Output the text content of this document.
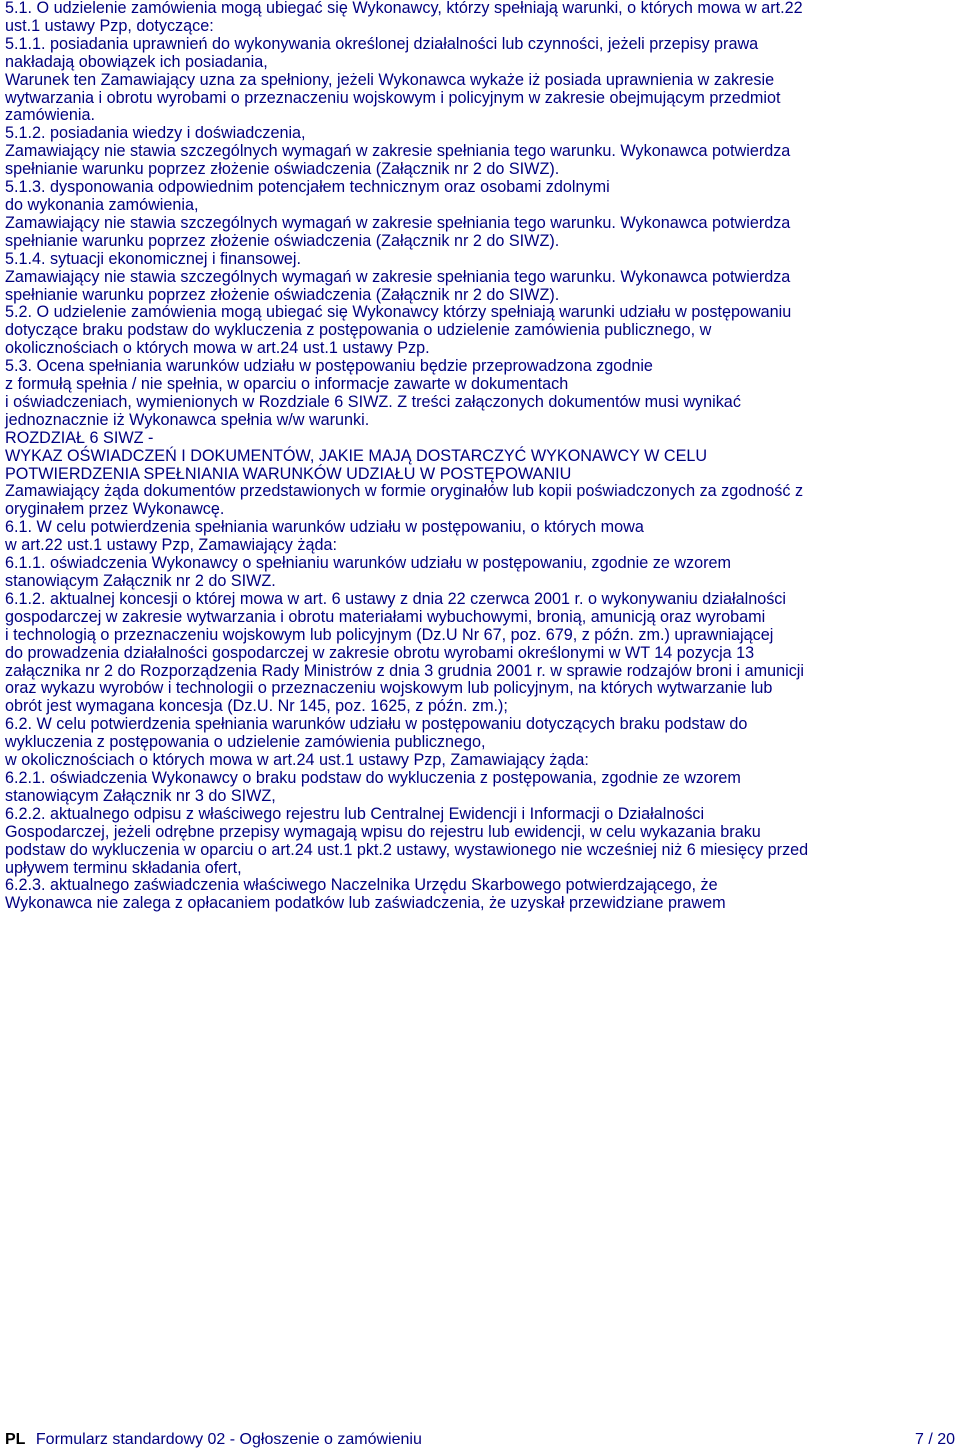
5.1. O udzielenie zamówienia mogą ubiegać się Wykonawcy, którzy spełniają warunki, o których mowa w art.22

ust.1 ustawy Pzp, dotyczące:

5.1.1. posiadania uprawnień do wykonywania określonej działalności lub czynności, jeżeli przepisy prawa

nakładają obowiązek ich posiadania,

Warunek ten Zamawiający uzna za spełniony, jeżeli Wykonawca wykaże iż posiada uprawnienia w zakresie

wytwarzania i obrotu wyrobami o przeznaczeniu wojskowym i policyjnym w zakresie obejmującym przedmiot

zamówienia.

5.1.2. posiadania wiedzy i doświadczenia,

Zamawiający nie stawia szczególnych wymagań w zakresie spełniania tego warunku. Wykonawca potwierdza

spełnianie warunku poprzez złożenie oświadczenia (Załącznik nr 2 do SIWZ).

5.1.3. dysponowania odpowiednim potencjałem technicznym oraz osobami zdolnymi

do wykonania zamówienia,

Zamawiający nie stawia szczególnych wymagań w zakresie spełniania tego warunku. Wykonawca potwierdza

spełnianie warunku poprzez złożenie oświadczenia (Załącznik nr 2 do SIWZ).

5.1.4. sytuacji ekonomicznej i finansowej.

Zamawiający nie stawia szczególnych wymagań w zakresie spełniania tego warunku. Wykonawca potwierdza

spełnianie warunku poprzez złożenie oświadczenia (Załącznik nr 2 do SIWZ).

5.2. O udzielenie zamówienia mogą ubiegać się Wykonawcy którzy spełniają warunki udziału w postępowaniu

dotyczące braku podstaw do wykluczenia z postępowania o udzielenie zamówienia publicznego, w

okolicznościach o których mowa w art.24 ust.1 ustawy Pzp.

5.3. Ocena spełniania warunków udziału w postępowaniu będzie przeprowadzona zgodnie

z formułą spełnia / nie spełnia, w oparciu o informacje zawarte w dokumentach

i oświadczeniach, wymienionych w Rozdziale 6 SIWZ. Z treści załączonych dokumentów musi wynikać

jednoznacznie iż Wykonawca spełnia w/w warunki.

ROZDZIAŁ 6 SIWZ -

WYKAZ OŚWIADCZEŃ I DOKUMENTÓW, JAKIE MAJĄ DOSTARCZYĆ WYKONAWCY W CELU

POTWIERDZENIA SPEŁNIANIA WARUNKÓW UDZIAŁU W POSTĘPOWANIU

Zamawiający żąda dokumentów przedstawionych w formie oryginałów lub kopii poświadczonych za zgodność z

oryginałem przez Wykonawcę.

6.1. W celu potwierdzenia spełniania warunków udziału w postępowaniu, o których mowa

w art.22 ust.1 ustawy Pzp, Zamawiający żąda:

6.1.1. oświadczenia Wykonawcy o spełnianiu warunków udziału w postępowaniu, zgodnie ze wzorem

stanowiącym Załącznik nr 2 do SIWZ.

6.1.2. aktualnej koncesji o której mowa w art. 6 ustawy z dnia 22 czerwca 2001 r. o wykonywaniu działalności

gospodarczej w zakresie wytwarzania i obrotu materiałami wybuchowymi, bronią, amunicją oraz wyrobami

i technologią o przeznaczeniu wojskowym lub policyjnym (Dz.U Nr 67, poz. 679, z późn. zm.) uprawniającej

do prowadzenia działalności gospodarczej w zakresie obrotu wyrobami określonymi w WT 14 pozycja 13

załącznika nr 2 do Rozporządzenia Rady Ministrów z dnia 3 grudnia 2001 r. w sprawie rodzajów broni i amunicji

oraz wykazu wyrobów i technologii o przeznaczeniu wojskowym lub policyjnym, na których wytwarzanie lub

obrót jest wymagana koncesja (Dz.U. Nr 145, poz. 1625, z późn. zm.);

6.2. W celu potwierdzenia spełniania warunków udziału w postępowaniu dotyczących braku podstaw do

wykluczenia z postępowania o udzielenie zamówienia publicznego,

w okolicznościach o których mowa w art.24 ust.1 ustawy Pzp, Zamawiający żąda:

6.2.1. oświadczenia Wykonawcy o braku podstaw do wykluczenia z postępowania, zgodnie ze wzorem

stanowiącym Załącznik nr 3 do SIWZ,

6.2.2. aktualnego odpisu z właściwego rejestru lub Centralnej Ewidencji i Informacji o Działalności

Gospodarczej, jeżeli odrębne przepisy wymagają wpisu do rejestru lub ewidencji, w celu wykazania braku

podstaw do wykluczenia w oparciu o art.24 ust.1 pkt.2 ustawy, wystawionego nie wcześniej niż 6 miesięcy przed

upływem terminu składania ofert,

6.2.3. aktualnego zaświadczenia właściwego Naczelnika Urzędu Skarbowego potwierdzającego, że

Wykonawca nie zalega z opłacaniem podatków lub zaświadczenia, że uzyskał przewidziane prawem

PL Formularz standardowy 02 - Ogłoszenie o zamówieniu	7 / 20
